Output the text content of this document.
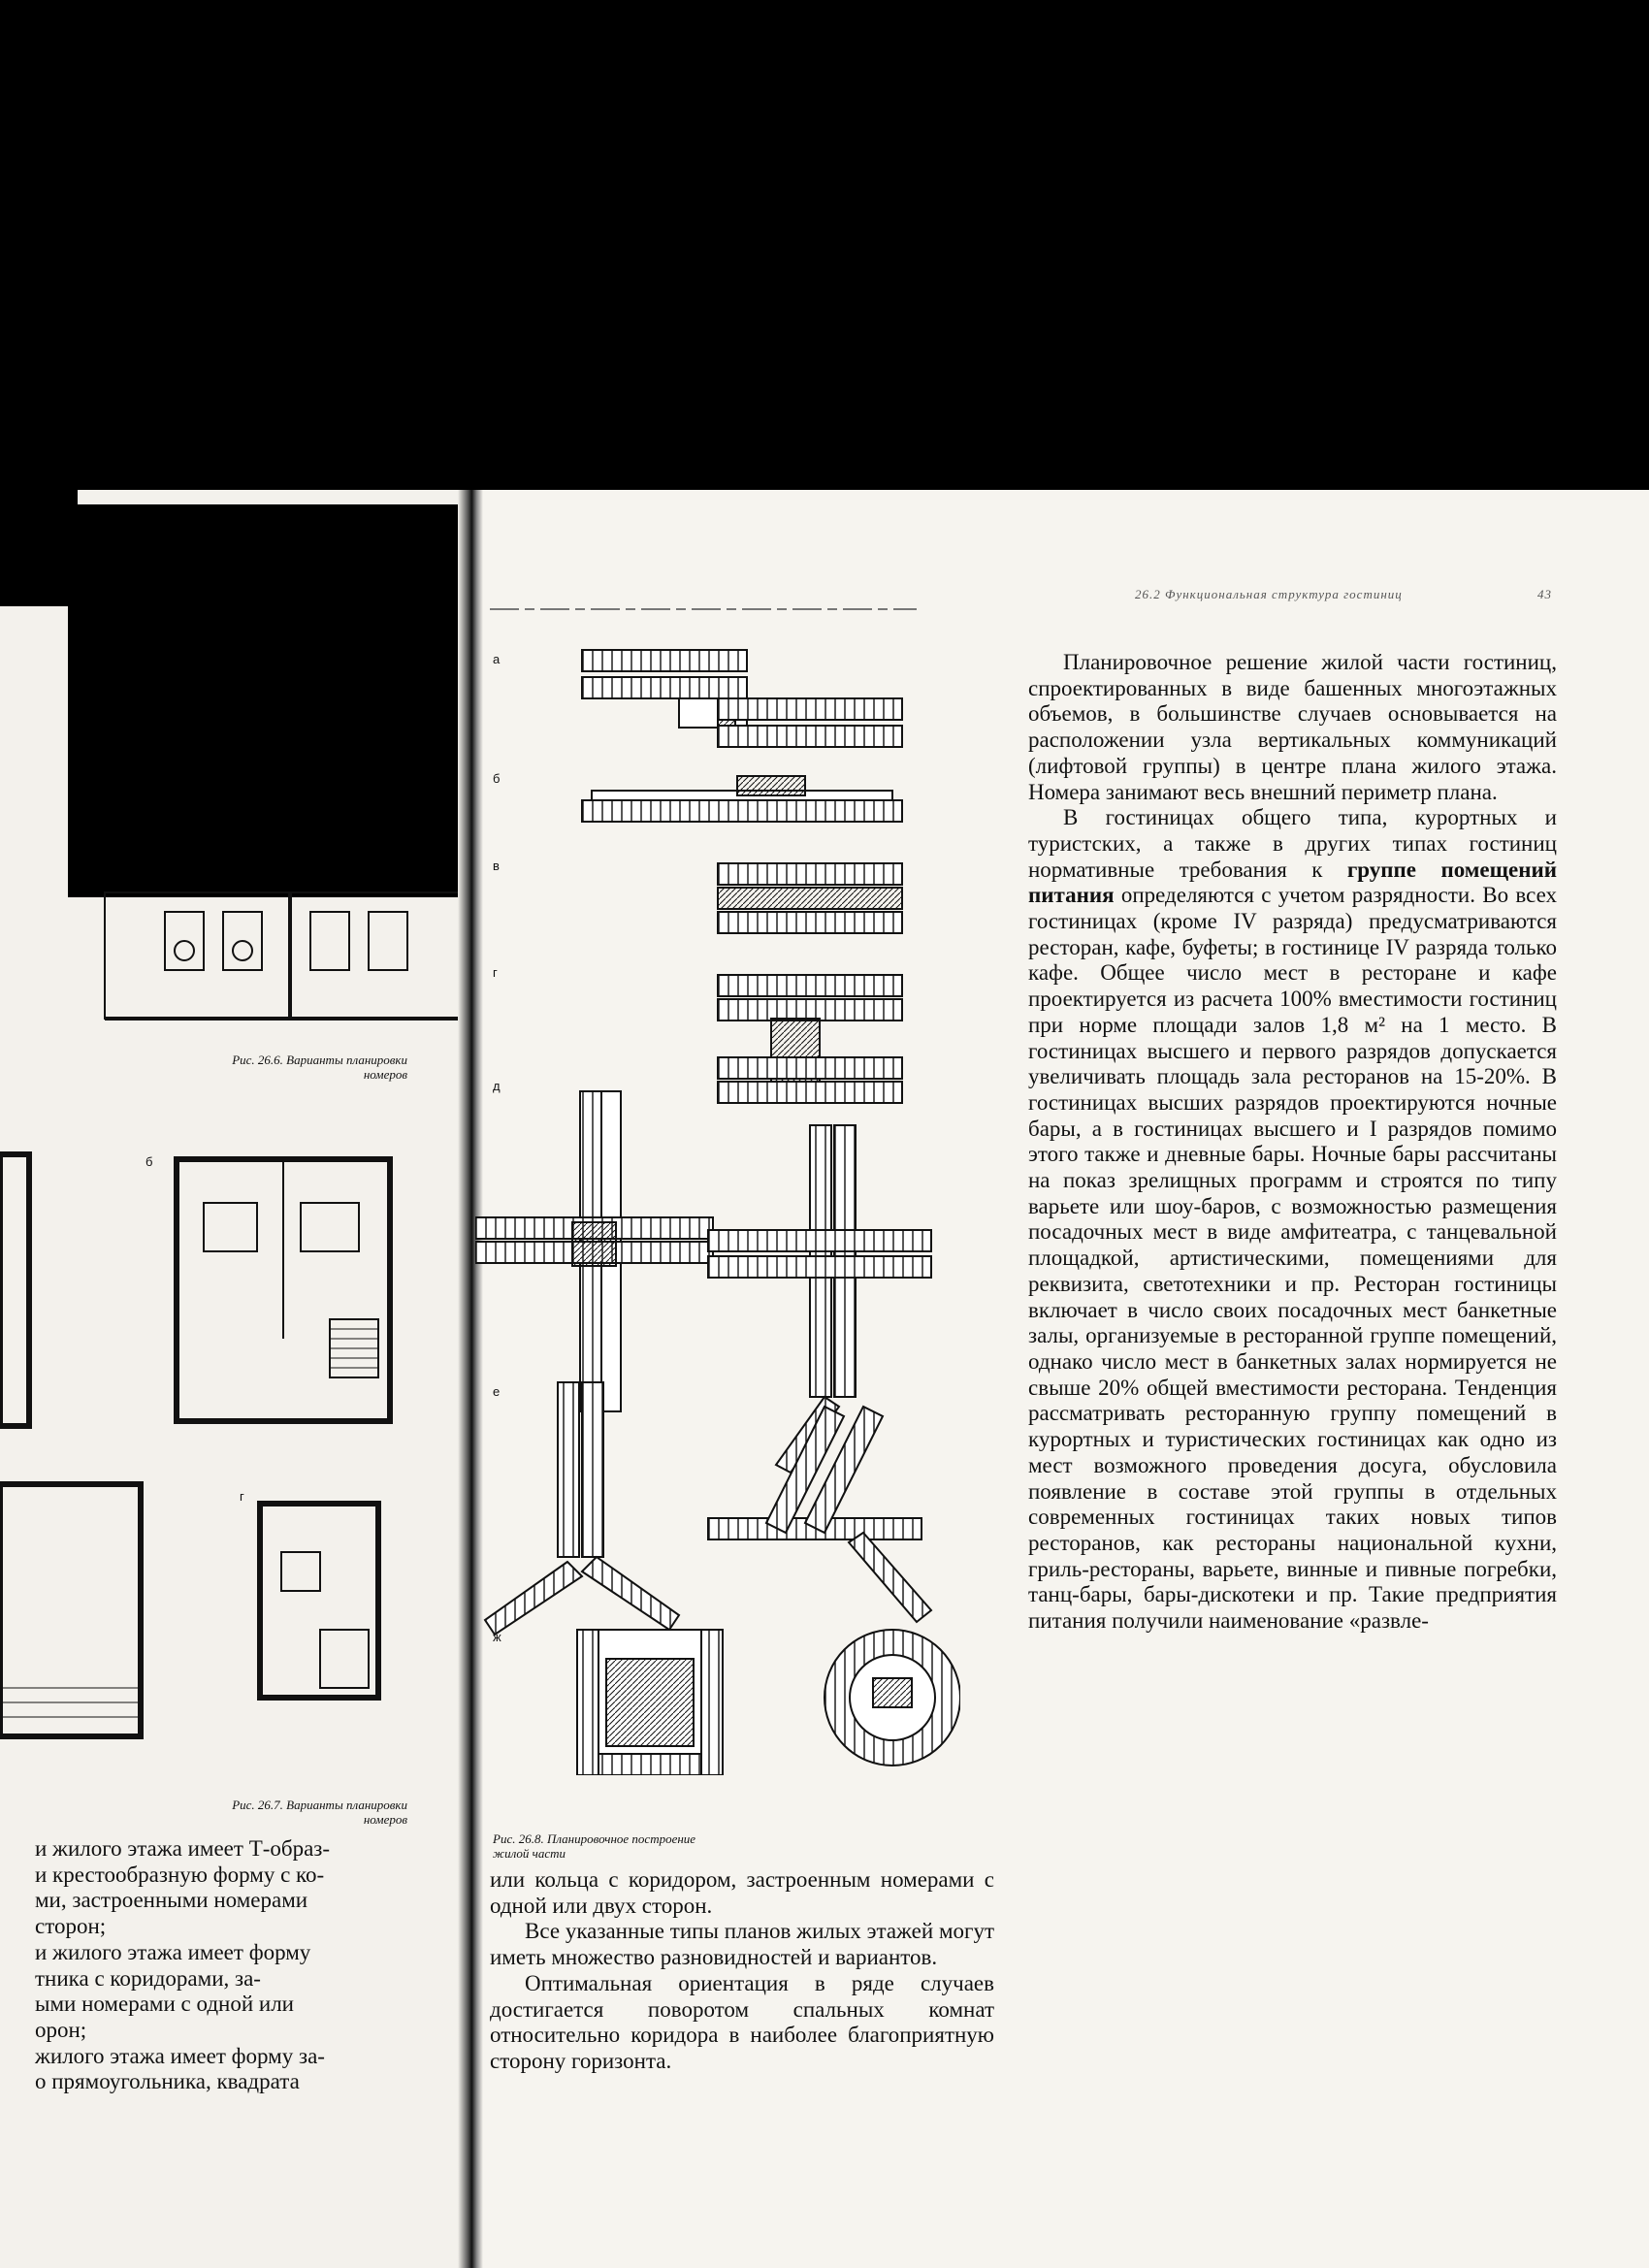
Рис. 26.6. Варианты планировки номеров
б
г
Рис. 26.7. Варианты планировки номеров

и жилого этажа имеет Т-образ-

и крестообразную форму с ко-

ми, застроенными номерами

сторон;

и жилого этажа имеет форму

тника с коридорами, за-

ыми номерами с одной или

орон;

жилого этажа имеет форму за-

о прямоугольника, квадрата

26.2 Функциональная структура гостиниц	43
а
б
в
г
д
е
ж
Рис. 26.8. Планировочное построение жилой части

или кольца с коридором, застроенным номерами с одной или двух сторон.

Все указанные типы планов жилых этажей могут иметь множество разновидностей и вариантов.

Оптимальная ориентация в ряде случаев достигается поворотом спальных комнат относительно коридора в наиболее благоприятную сторону горизонта.

Планировочное решение жилой части гостиниц, спроектированных в виде башенных многоэтажных объемов, в большинстве случаев основывается на расположении узла вертикальных коммуникаций (лифтовой группы) в центре плана жилого этажа. Номера занимают весь внешний периметр плана.

В гостиницах общего типа, курортных и туристских, а также в других типах гостиниц нормативные требования к группе помещений питания определяются с учетом разрядности. Во всех гостиницах (кроме IV разряда) предусматриваются ресторан, кафе, буфеты; в гостинице IV разряда только кафе. Общее число мест в ресторане и кафе проектируется из расчета 100% вместимости гостиниц при норме площади залов 1,8 м² на 1 место. В гостиницах высшего и первого разрядов допускается увеличивать площадь зала ресторанов на 15-20%. В гостиницах высших разрядов проектируются ночные бары, а в гостиницах высшего и I разрядов помимо этого также и дневные бары. Ночные бары рассчитаны на показ зрелищных программ и строятся по типу варьете или шоу-баров, с возможностью размещения посадочных мест в виде амфитеатра, с танцевальной площадкой, артистическими, помещениями для реквизита, светотехники и пр. Ресторан гостиницы включает в число своих посадочных мест банкетные залы, организуемые в ресторанной группе помещений, однако число мест в банкетных залах нормируется не свыше 20% общей вместимости ресторана. Тенденция рассматривать ресторанную группу помещений в курортных и туристических гостиницах как одно из мест возможного проведения досуга, обусловила появление в составе этой группы в отдельных современных гостиницах таких новых типов ресторанов, как рестораны национальной кухни, гриль-рестораны, варьете, винные и пивные погребки, танц-бары, бары-дискотеки и пр. Такие предприятия питания получили наименование «развле-
